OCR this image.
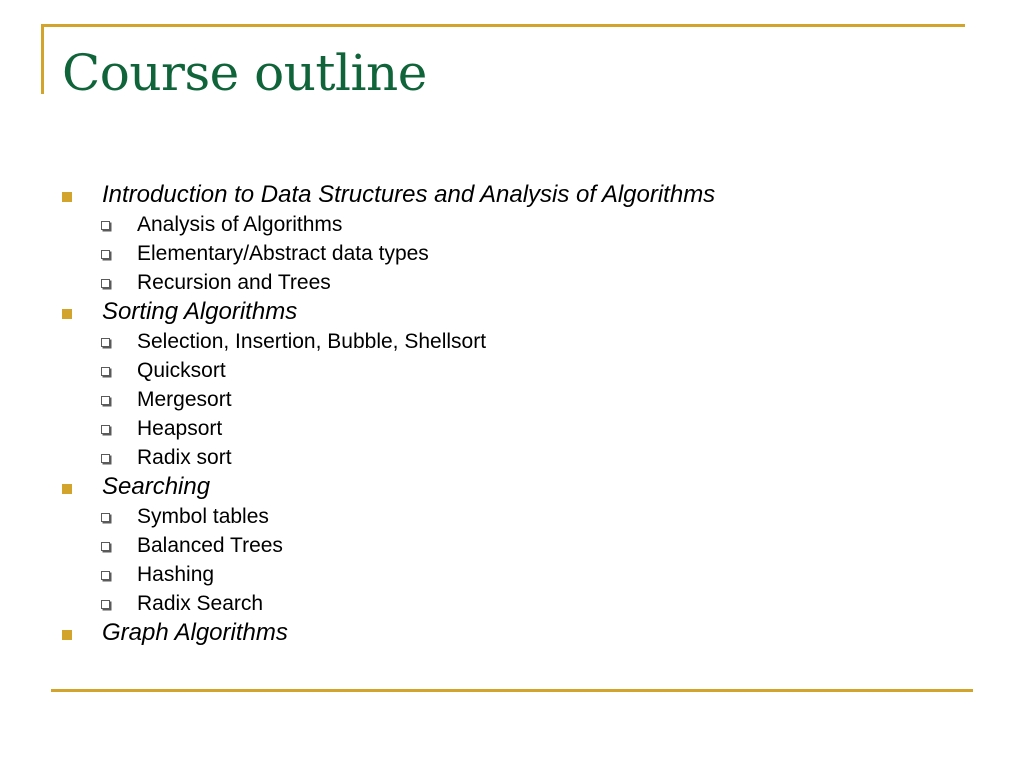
Course outline
Introduction to Data Structures and Analysis of Algorithms
Analysis of Algorithms
Elementary/Abstract data types
Recursion and Trees
Sorting Algorithms
Selection, Insertion, Bubble, Shellsort
Quicksort
Mergesort
Heapsort
Radix sort
Searching
Symbol tables
Balanced Trees
Hashing
Radix Search
Graph Algorithms
